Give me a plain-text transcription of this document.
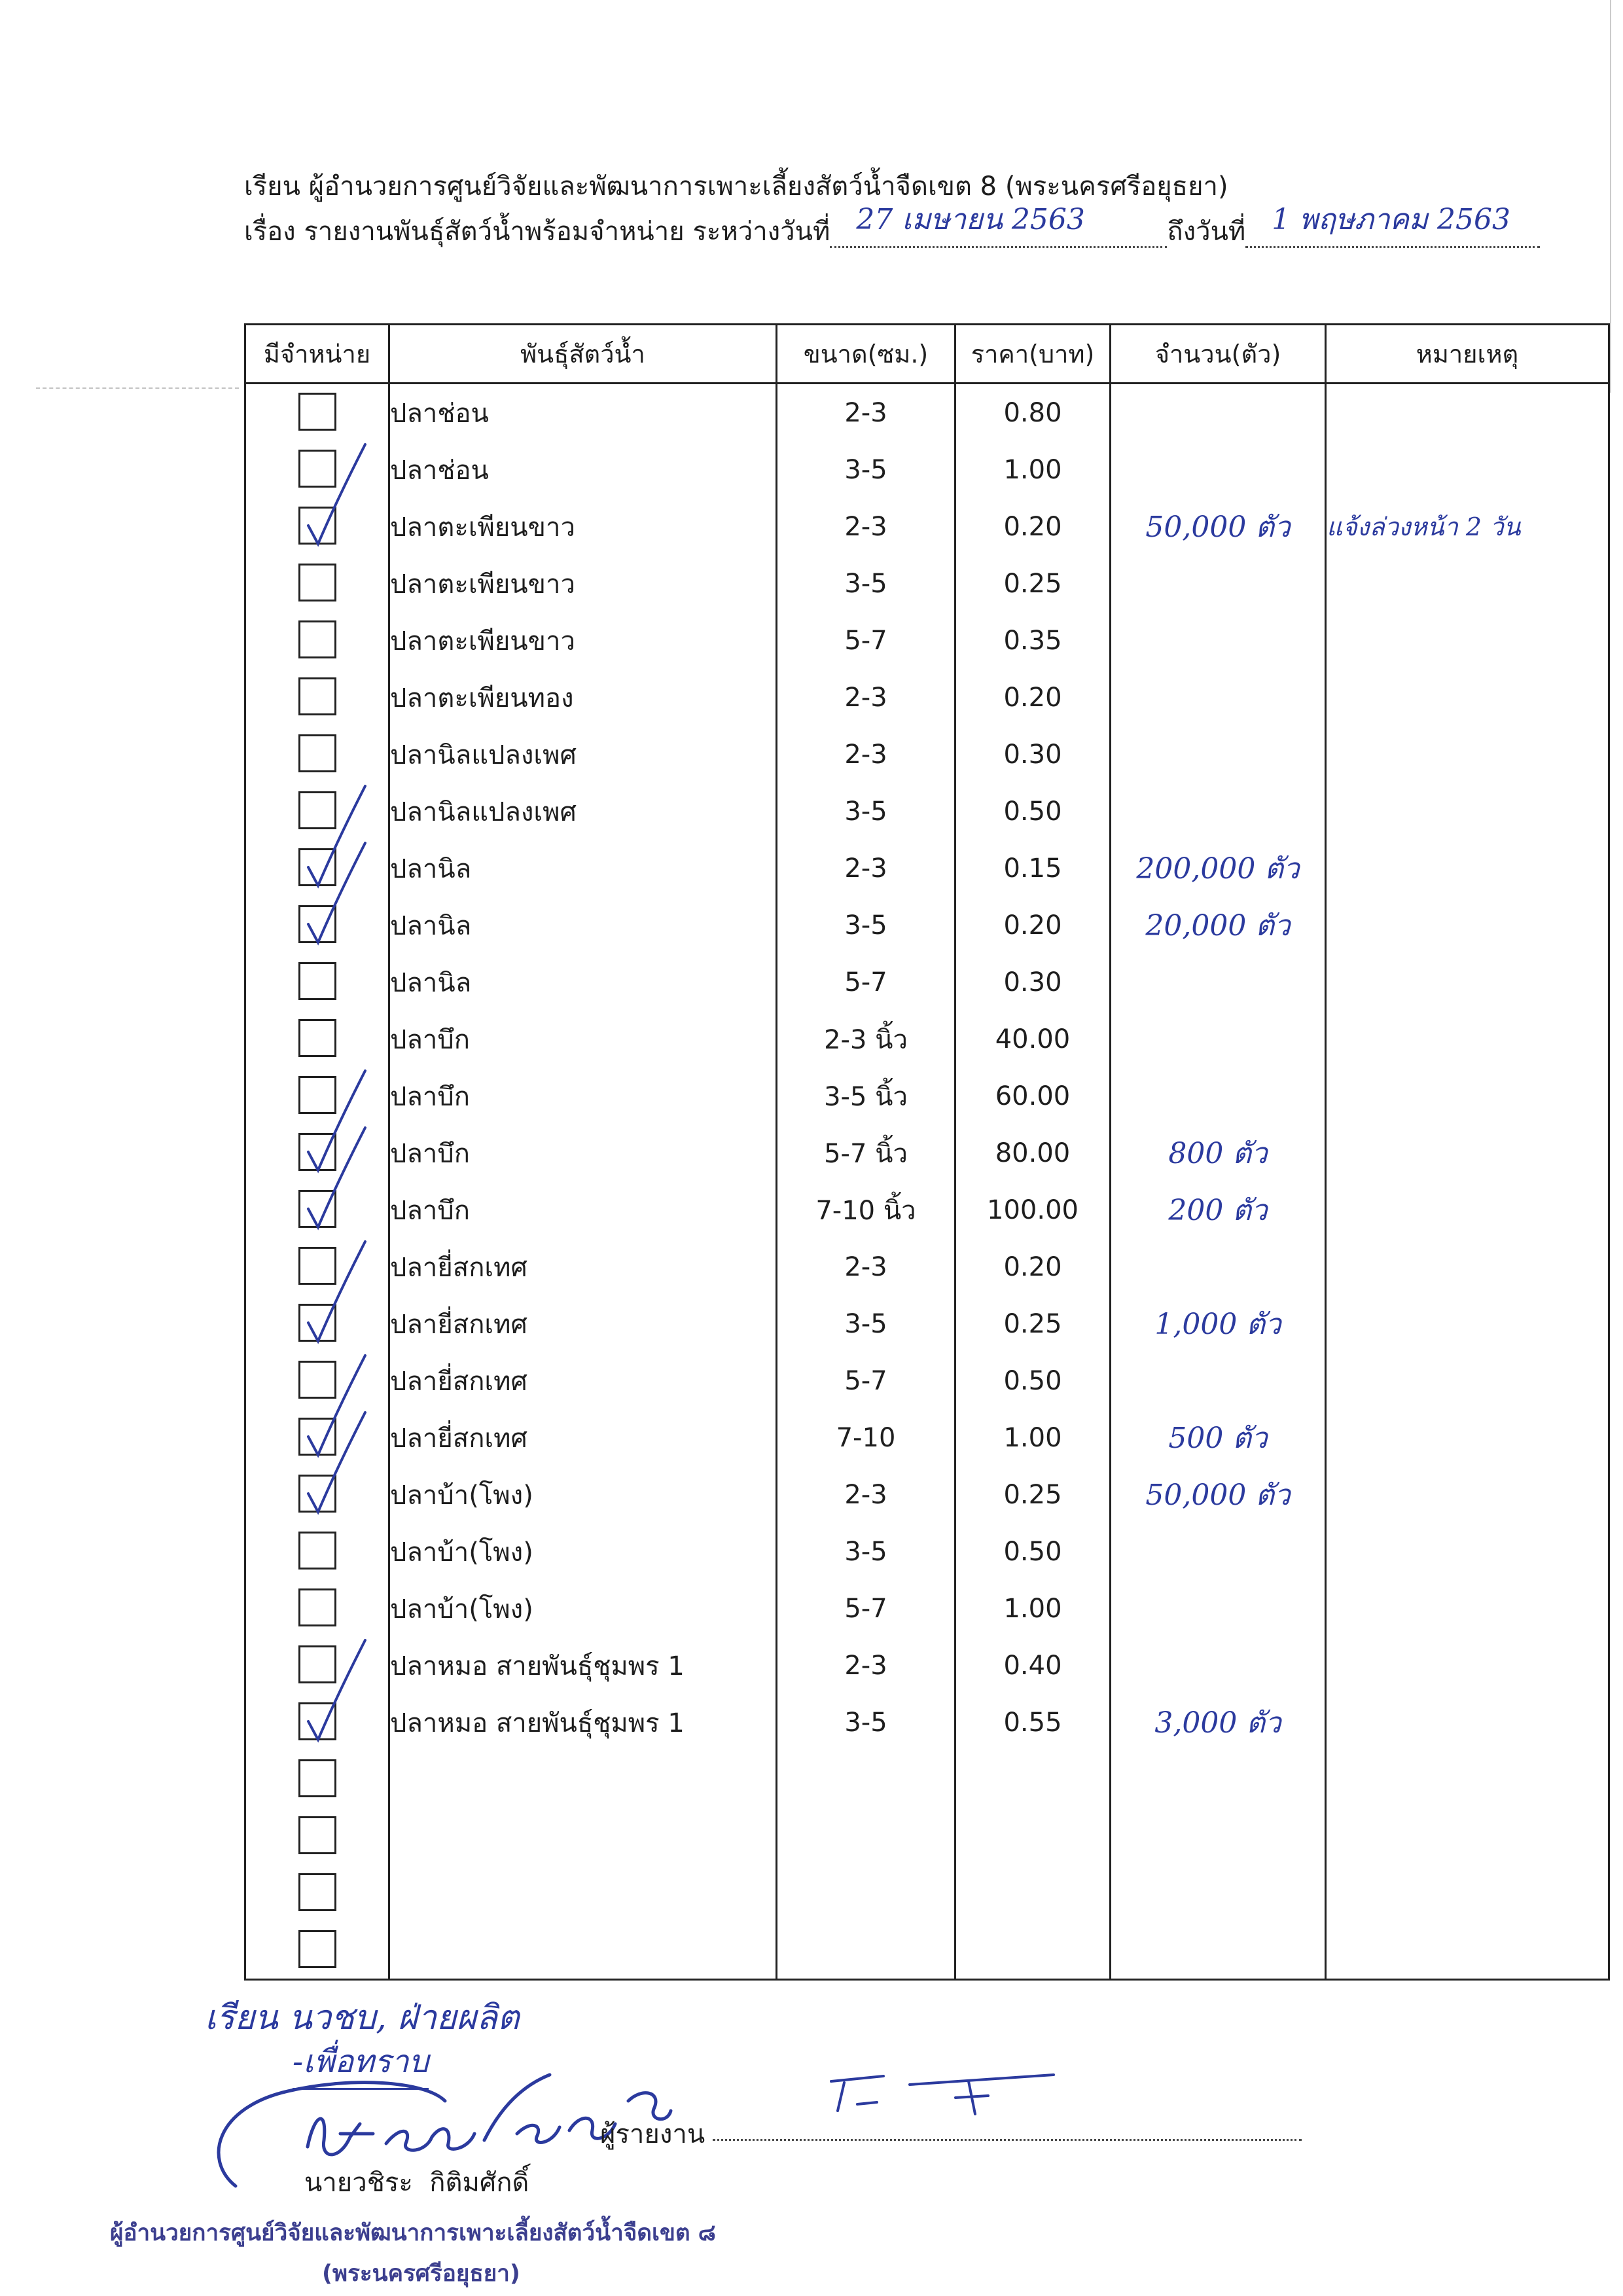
เรียน ผู้อำนวยการศูนย์วิจัยและพัฒนาการเพาะเลี้ยงสัตว์น้ำจืดเขต 8 (พระนครศรีอยุธยา)
เรื่อง รายงานพันธุ์สัตว์น้ำพร้อมจำหน่าย ระหว่างวันที่ 27 เมษายน 2563	ถึงวันที่ 1 พฤษภาคม 2563
มีจำหน่าย	พันธุ์สัตว์น้ำ	ขนาด(ซม.)	ราคา(บาท)	จำนวน(ตัว)	หมายเหตุ

	ปลาช่อน	2-3	0.80		

	ปลาช่อน	3-5	1.00		

	ปลาตะเพียนขาว	2-3	0.20	50,000 ตัว	แจ้งล่วงหน้า 2 วัน

	ปลาตะเพียนขาว	3-5	0.25		

	ปลาตะเพียนขาว	5-7	0.35		

	ปลาตะเพียนทอง	2-3	0.20		

	ปลานิลแปลงเพศ	2-3	0.30		

	ปลานิลแปลงเพศ	3-5	0.50		

	ปลานิล	2-3	0.15	200,000 ตัว	

	ปลานิล	3-5	0.20	20,000 ตัว	

	ปลานิล	5-7	0.30		

	ปลาบึก	2-3 นิ้ว	40.00		

	ปลาบึก	3-5 นิ้ว	60.00		

	ปลาบึก	5-7 นิ้ว	80.00	800 ตัว	

	ปลาบึก	7-10 นิ้ว	100.00	200 ตัว	

	ปลายี่สกเทศ	2-3	0.20		

	ปลายี่สกเทศ	3-5	0.25	1,000 ตัว	

	ปลายี่สกเทศ	5-7	0.50		

	ปลายี่สกเทศ	7-10	1.00	500 ตัว	

	ปลาบ้า(โพง)	2-3	0.25	50,000 ตัว	

	ปลาบ้า(โพง)	3-5	0.50		

	ปลาบ้า(โพง)	5-7	1.00		

	ปลาหมอ สายพันธุ์ชุมพร 1	2-3	0.40		

	ปลาหมอ สายพันธุ์ชุมพร 1	3-5	0.55	3,000 ตัว	

เรียน นวชบ, ฝ่ายผลิต
-เพื่อทราบ
ผู้รายงาน
นายวชิระ  กิติมศักดิ์
ผู้อำนวยการศูนย์วิจัยและพัฒนาการเพาะเลี้ยงสัตว์น้ำจืดเขต ๘
(พระนครศรีอยุธยา)
